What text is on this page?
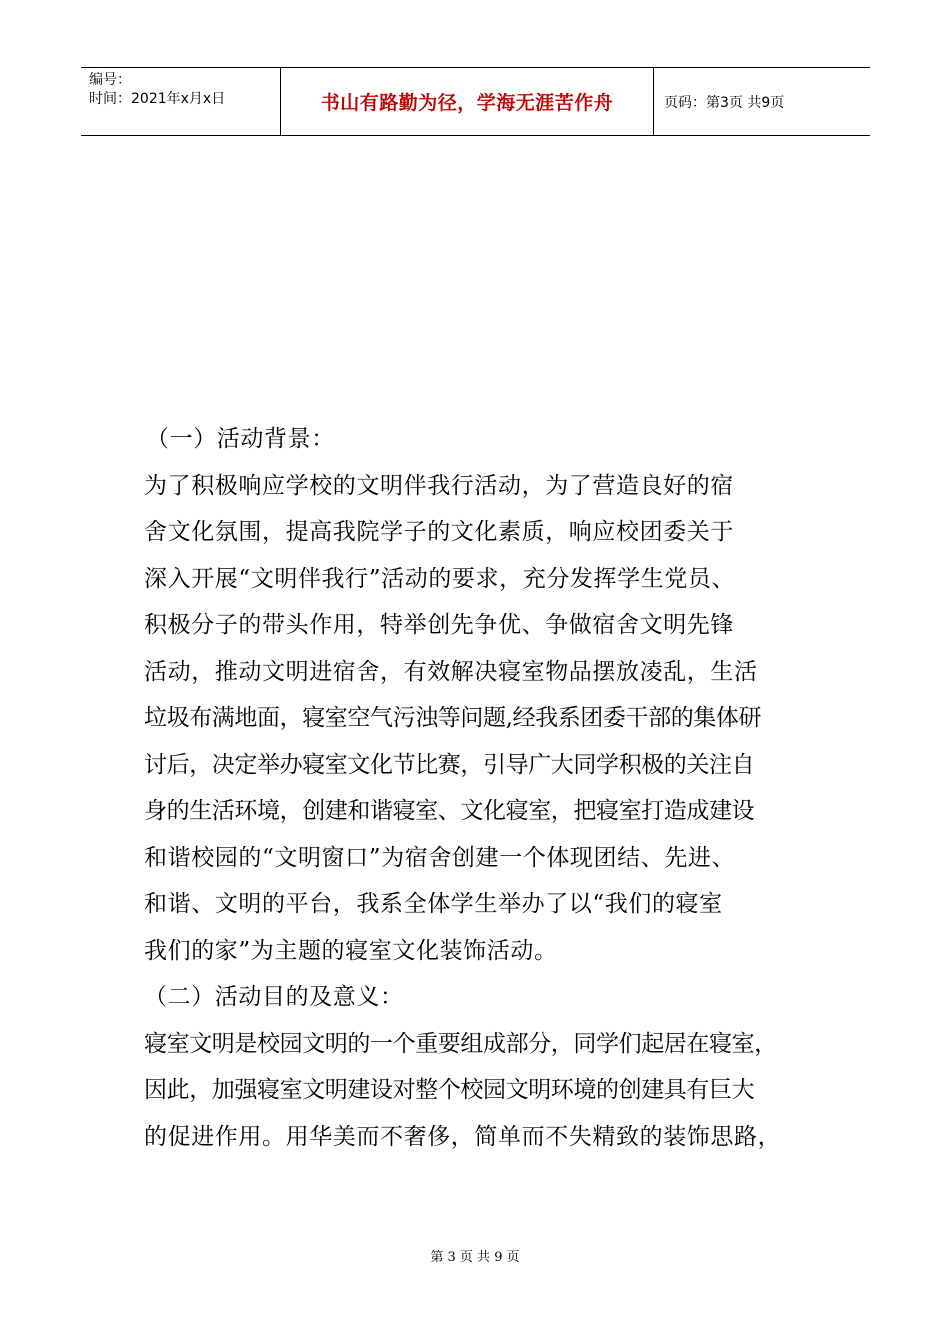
编号：
时间：2021年x月x日	书山有路勤为径，学海无涯苦作舟	页码：第3页 共9页
（一）活动背景：
为了积极响应学校的文明伴我行活动，为了营造良好的宿
舍文化氛围，提高我院学子的文化素质，响应校团委关于
深入开展“文明伴我行”活动的要求，充分发挥学生党员、
积极分子的带头作用，特举创先争优、争做宿舍文明先锋
活动，推动文明进宿舍，有效解决寝室物品摆放凌乱，生活
垃圾布满地面，寝室空气污浊等问题,经我系团委干部的集体研
讨后，决定举办寝室文化节比赛，引导广大同学积极的关注自
身的生活环境，创建和谐寝室、文化寝室，把寝室打造成建设
和谐校园的“文明窗口”为宿舍创建一个体现团结、先进、
和谐、文明的平台，我系全体学生举办了以“我们的寝室
我们的家”为主题的寝室文化装饰活动。
（二）活动目的及意义：
寝室文明是校园文明的一个重要组成部分，同学们起居在寝室，
因此，加强寝室文明建设对整个校园文明环境的创建具有巨大
的促进作用。用华美而不奢侈，简单而不失精致的装饰思路，
第 3 页 共 9 页
